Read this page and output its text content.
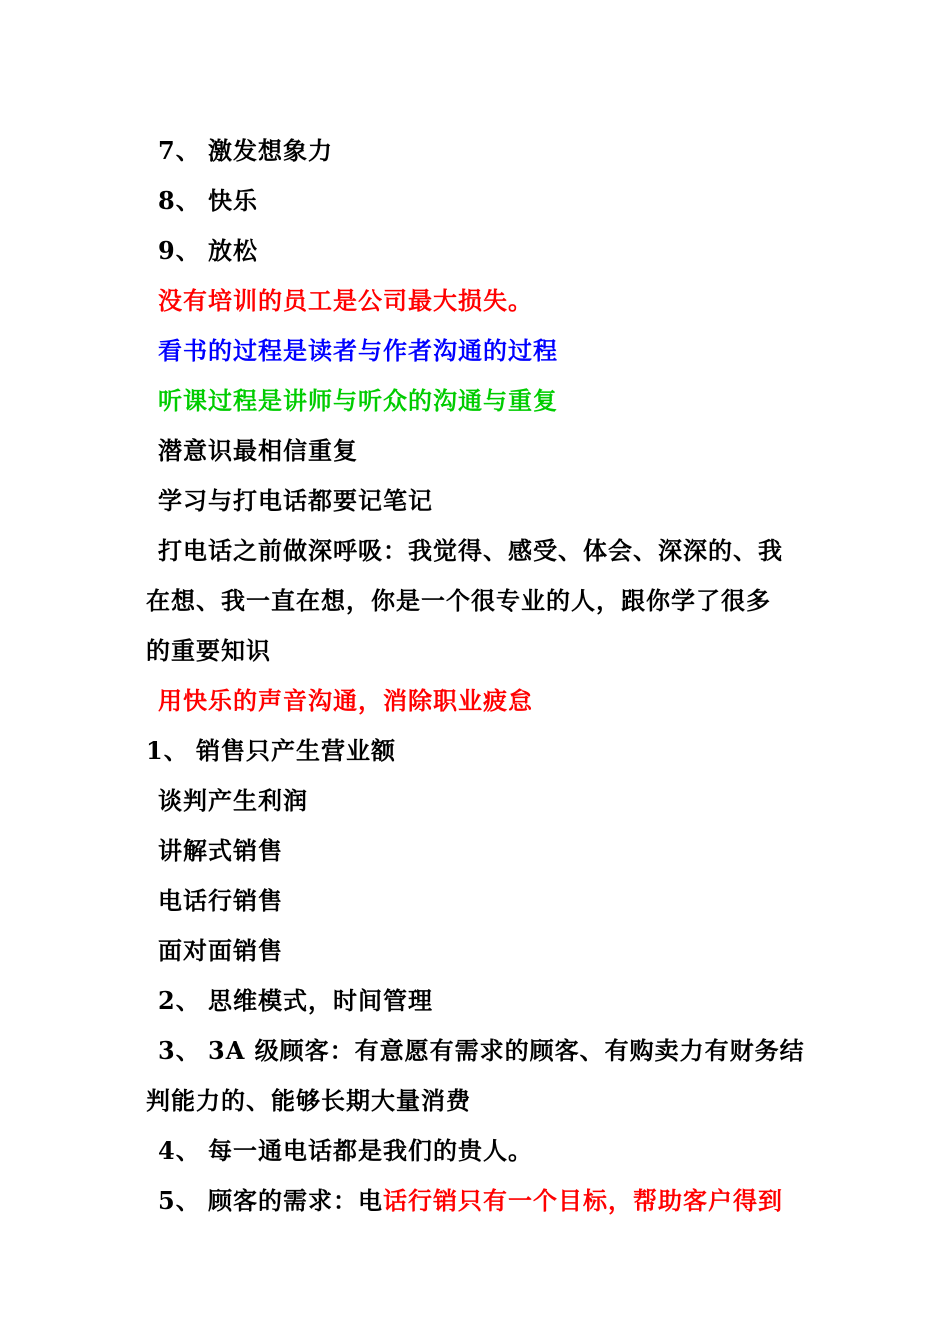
7、 激发想象力
8、 快乐
9、 放松
没有培训的员工是公司最大损失。
看书的过程是读者与作者沟通的过程
听课过程是讲师与听众的沟通与重复
潜意识最相信重复
学习与打电话都要记笔记
打电话之前做深呼吸：我觉得、感受、体会、深深的、我
在想、我一直在想，你是一个很专业的人，跟你学了很多
的重要知识
用快乐的声音沟通，消除职业疲怠
1、 销售只产生营业额
谈判产生利润
讲解式销售
电话行销售
面对面销售
2、 思维模式，时间管理
3、 3A 级顾客：有意愿有需求的顾客、有购卖力有财务结
判能力的、能够长期大量消费
4、 每一通电话都是我们的贵人。
5、 顾客的需求：电话行销只有一个目标，帮助客户得到
